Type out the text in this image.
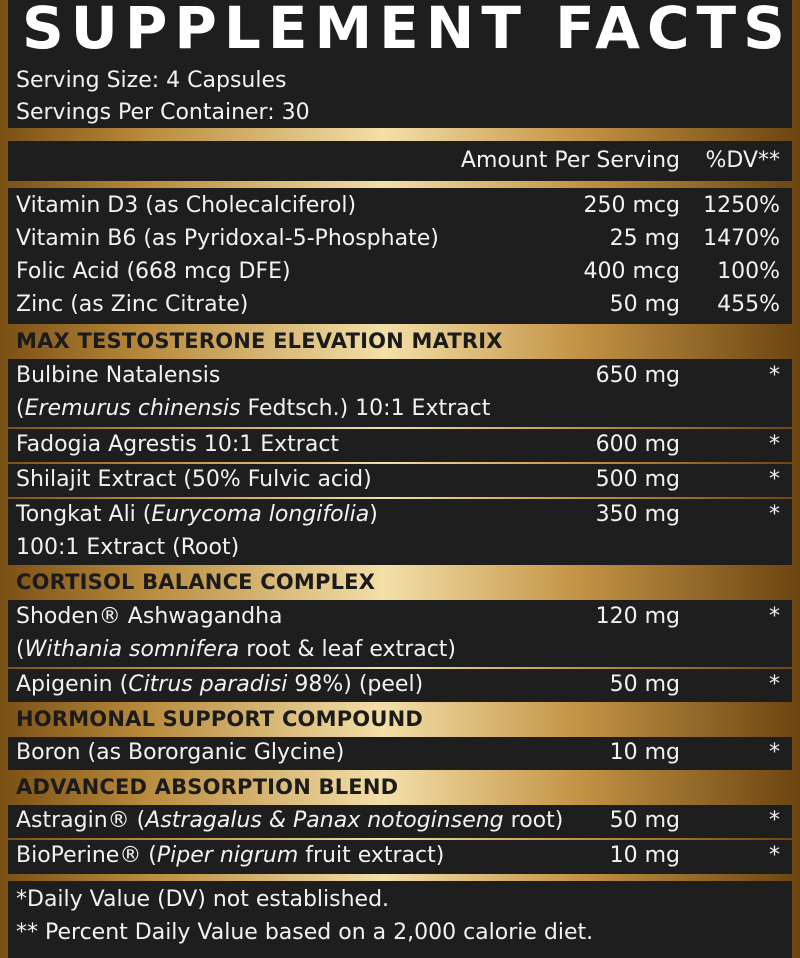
SUPPLEMENT FACTS
Serving Size: 4 Capsules
Servings Per Container: 30
Amount Per Serving %DV**
Vitamin D3 (as Cholecalciferol)	250 mcg 1250%
Vitamin B6 (as Pyridoxal-5-Phosphate)	25 mg 1470%
Folic Acid (668 mcg DFE)	400 mcg 100%
Zinc (as Zinc Citrate)	50 mg 455%
MAX TESTOSTERONE ELEVATION MATRIX
Bulbine Natalensis
(Eremurus chinensis Fedtsch.) 10:1 Extract
650 mg	*
Fadogia Agrestis 10:1 Extract	600 mg	*
Shilajit Extract (50% Fulvic acid)	500 mg	*
Tongkat Ali (Eurycoma longifolia)
100:1 Extract (Root)
350 mg	*
CORTISOL BALANCE COMPLEX
Shoden® Ashwagandha
(Withania somnifera root & leaf extract)
120 mg	*
Apigenin (Citrus paradisi 98%) (peel)	50 mg	*
HORMONAL SUPPORT COMPOUND
Boron (as Bororganic Glycine)	10 mg	*
ADVANCED ABSORPTION BLEND
Astragin® (Astragalus & Panax notoginseng root) 50 mg	*
BioPerine® (Piper nigrum fruit extract)	10 mg	*
*Daily Value (DV) not established.
** Percent Daily Value based on a 2,000 calorie diet.
